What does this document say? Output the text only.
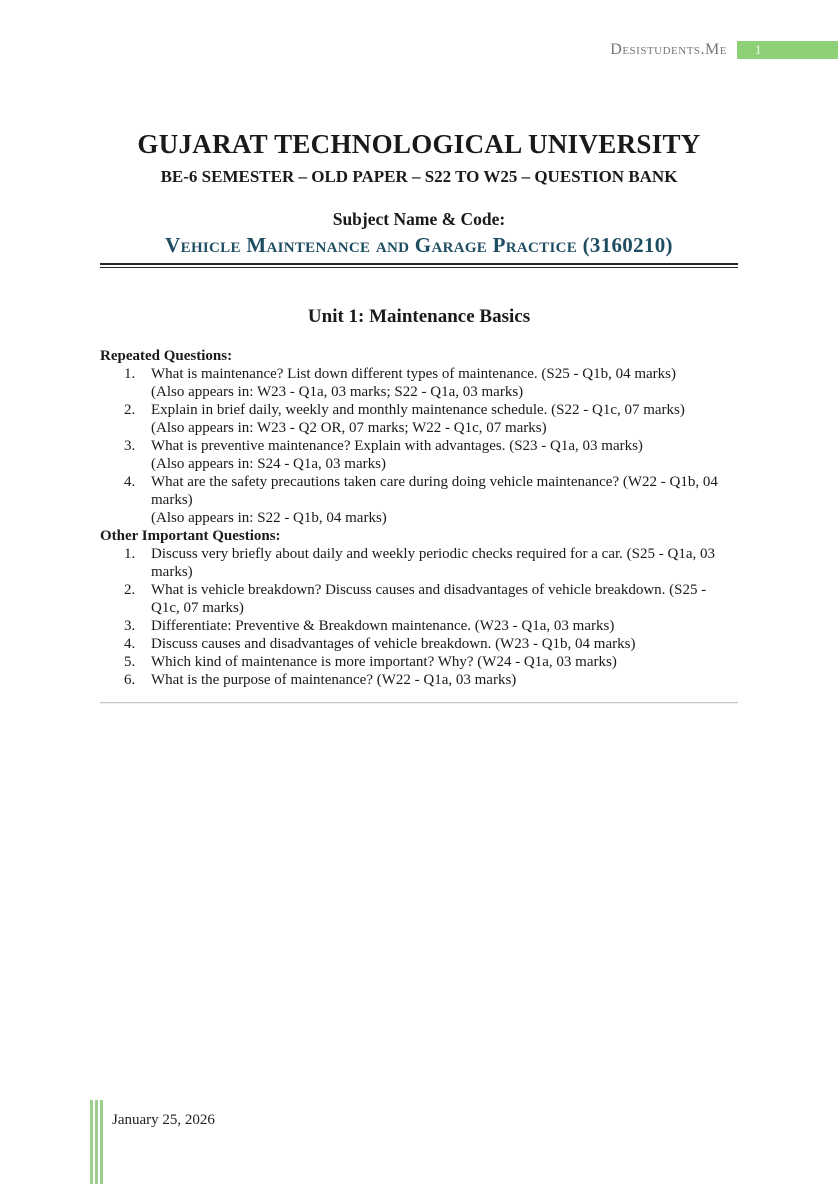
Desistudents.Me 1
GUJARAT TECHNOLOGICAL UNIVERSITY
BE-6 SEMESTER – OLD PAPER – S22 TO W25 – QUESTION BANK
Subject Name & Code:
Vehicle Maintenance and Garage Practice (3160210)
Unit 1: Maintenance Basics
Repeated Questions:
1.	What is maintenance? List down different types of maintenance. (S25 - Q1b, 04 marks)
(Also appears in: W23 - Q1a, 03 marks; S22 - Q1a, 03 marks)
2.	Explain in brief daily, weekly and monthly maintenance schedule. (S22 - Q1c, 07 marks)
(Also appears in: W23 - Q2 OR, 07 marks; W22 - Q1c, 07 marks)
3.	What is preventive maintenance? Explain with advantages. (S23 - Q1a, 03 marks)
(Also appears in: S24 - Q1a, 03 marks)
4.	What are the safety precautions taken care during doing vehicle maintenance? (W22 - Q1b, 04 marks)
(Also appears in: S22 - Q1b, 04 marks)
Other Important Questions:
1.	Discuss very briefly about daily and weekly periodic checks required for a car. (S25 - Q1a, 03 marks)
2.	What is vehicle breakdown? Discuss causes and disadvantages of vehicle breakdown. (S25 - Q1c, 07 marks)
3.	Differentiate: Preventive & Breakdown maintenance. (W23 - Q1a, 03 marks)
4.	Discuss causes and disadvantages of vehicle breakdown. (W23 - Q1b, 04 marks)
5.	Which kind of maintenance is more important? Why? (W24 - Q1a, 03 marks)
6.	What is the purpose of maintenance? (W22 - Q1a, 03 marks)
January 25, 2026
